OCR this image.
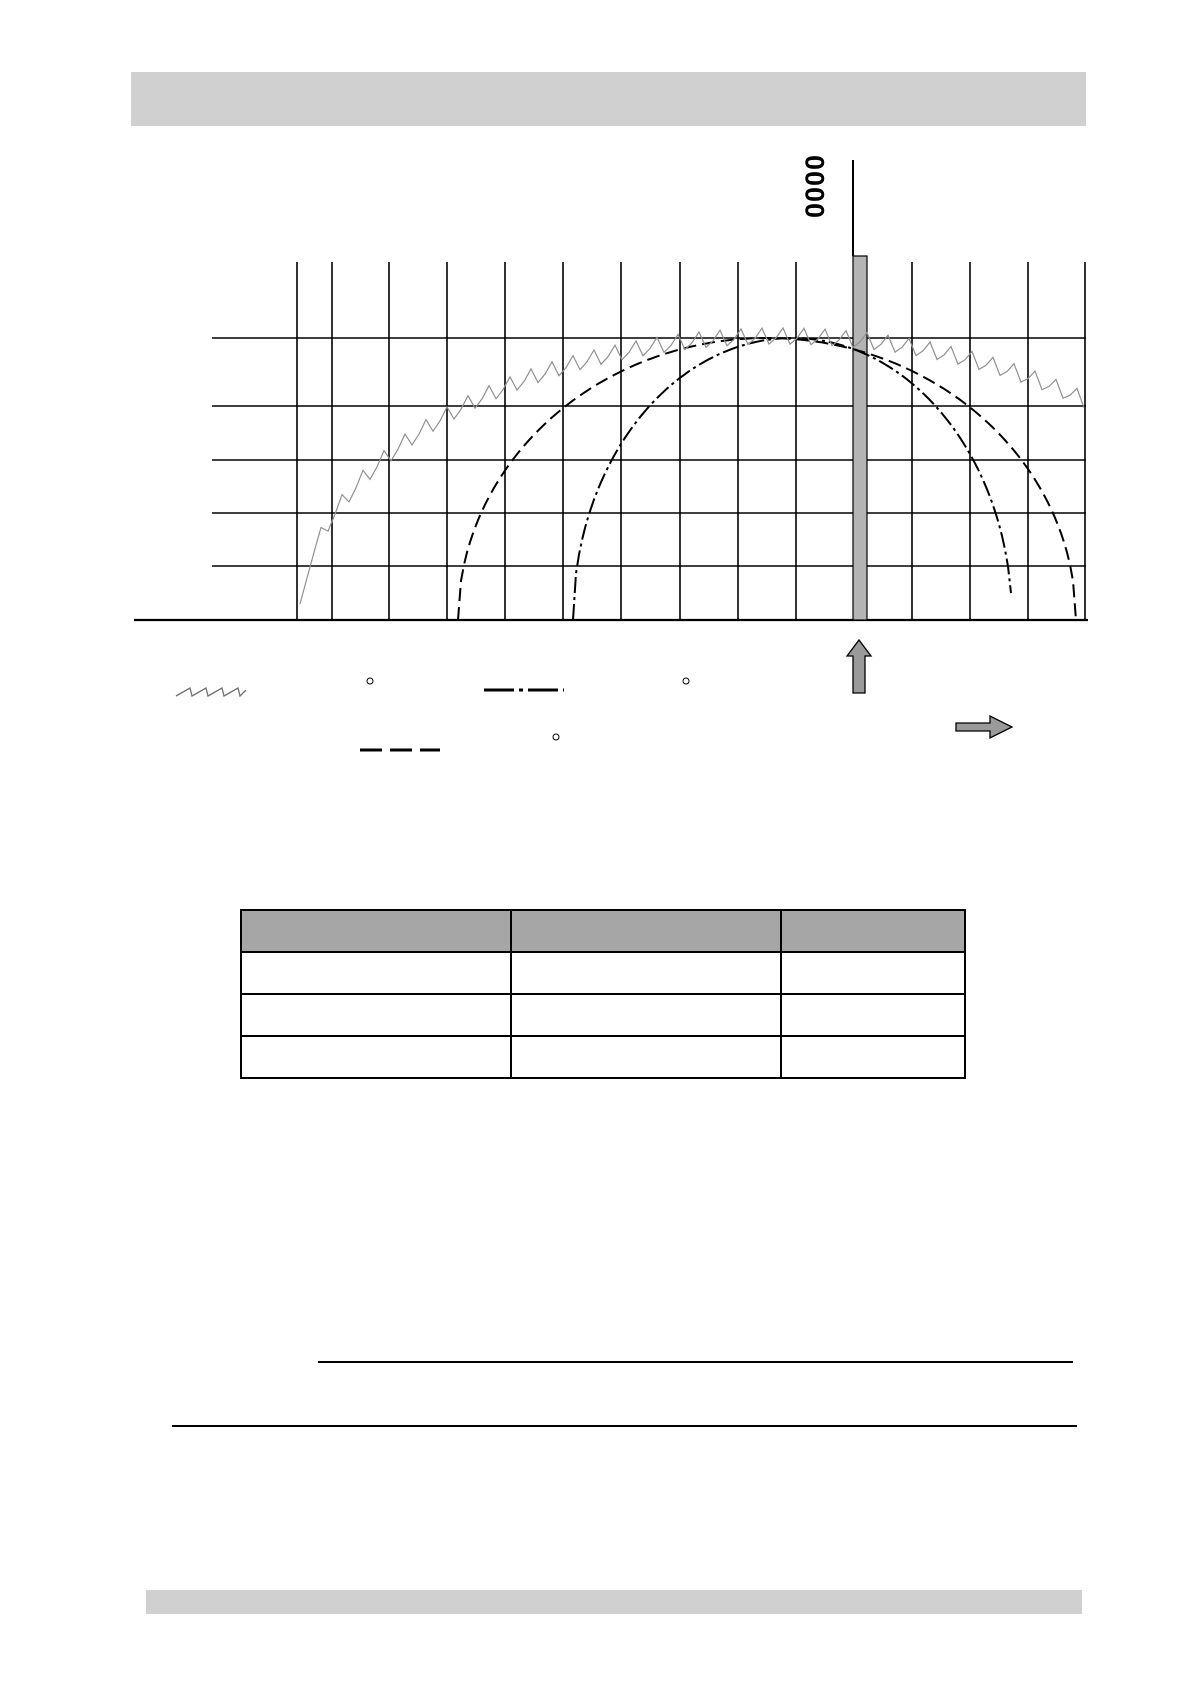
0000
